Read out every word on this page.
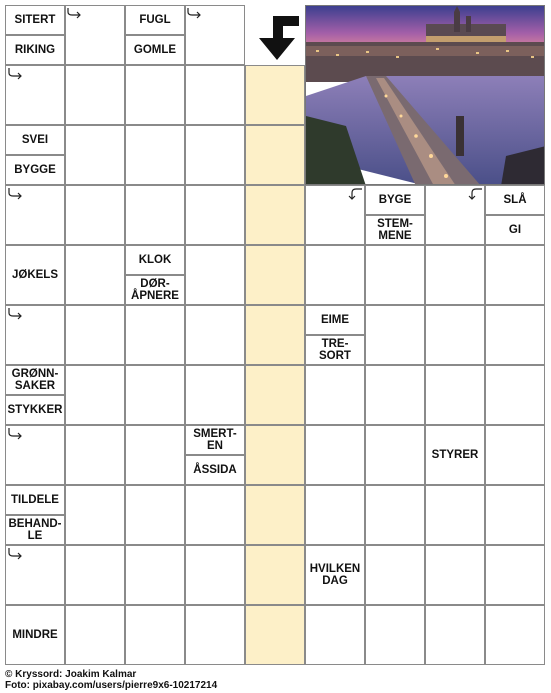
SITERT
RIKING
FUGL
GOMLE
SVEI
BYGGE
BYGE
STEM-
MENE
SLÅ
GI
JØKELS
KLOK
DØR-
ÅPNERE
EIME
TRE-
SORT
GRØNN-
SAKER
STYKKER
SMERT-
EN
ÅSSIDA
STYRER
TILDELE
BEHAND-
LE
HVILKEN
DAG
MINDRE
© Kryssord: Joakim Kalmar
Foto: pixabay.com/users/pierre9x6-10217214
